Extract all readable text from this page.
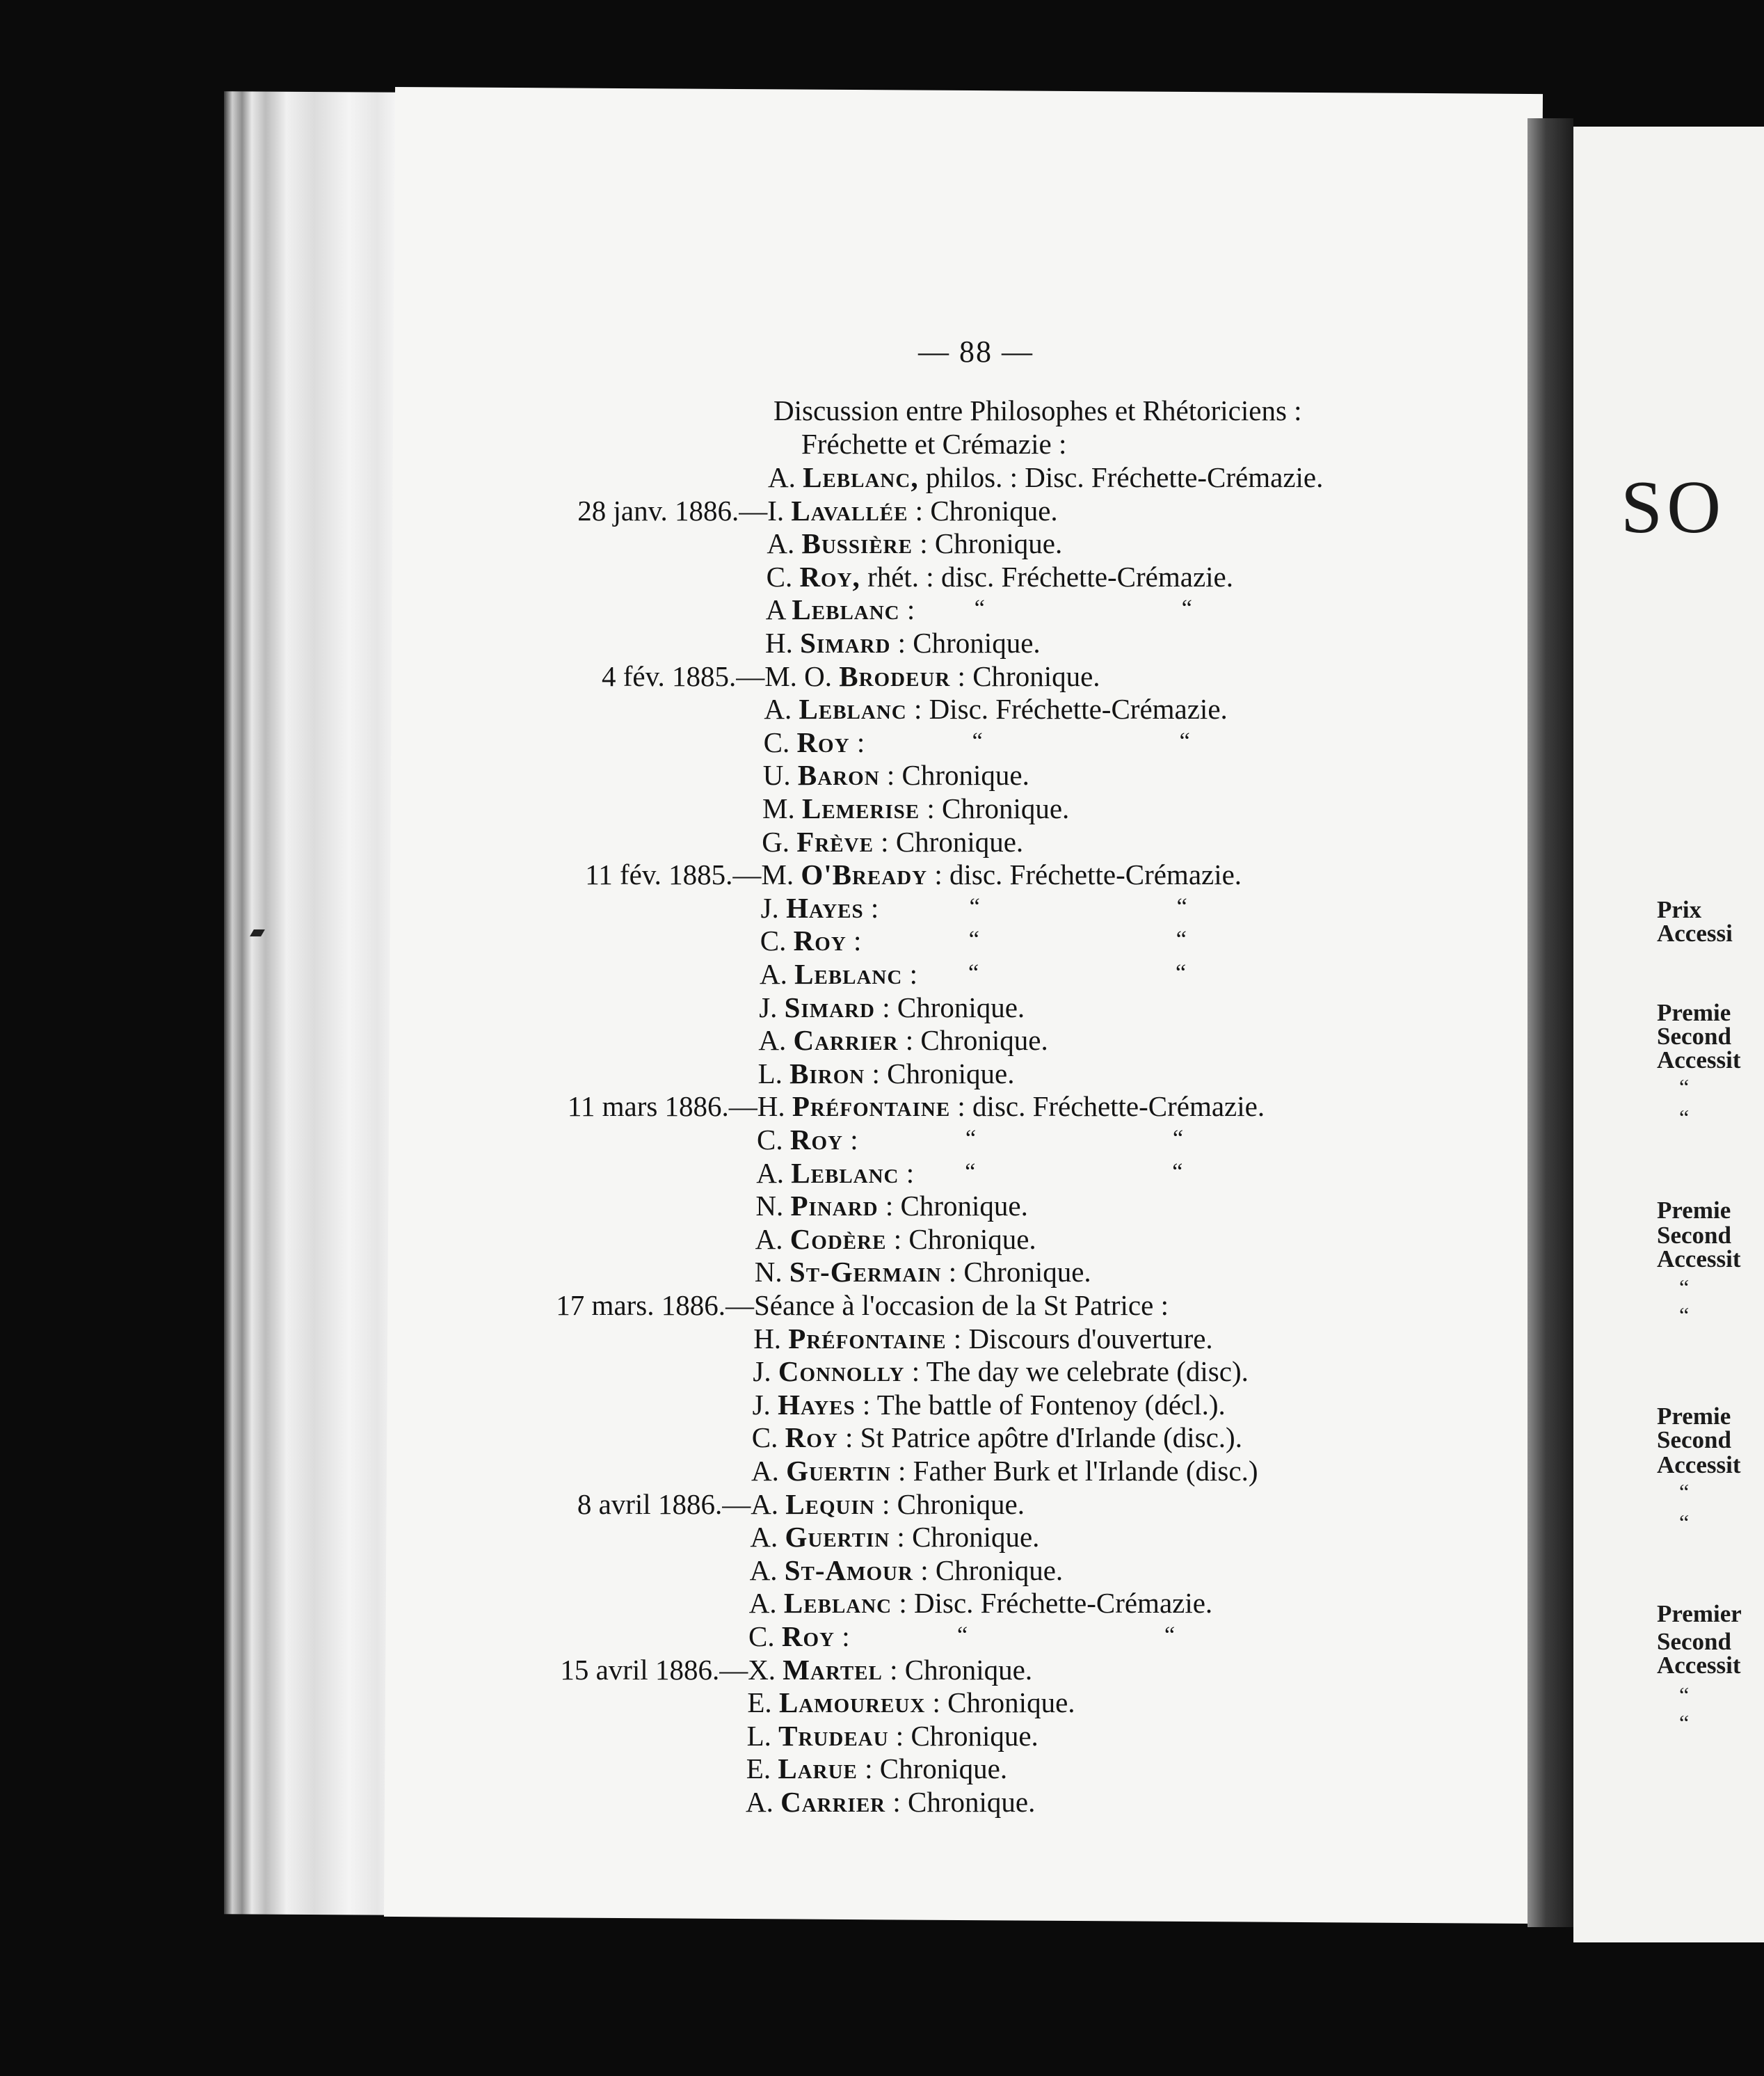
SO
Prix
Accessi
Premie
Second
Accessit
“
“
Premie
Second
Accessit
“
“
Premie
Second
Accessit
“
“
Premier
Second
Accessit
“
“
— 88 —
Discussion entre Philosophes et Rhétoriciens :
Fréchette et Crémazie :
A. Leblanc, philos. : Disc. Fréchette-Crémazie.
28 janv. 1886.— I. Lavallée : Chronique.
A. Bussière : Chronique.
C. Roy, rhét. : disc. Fréchette-Crémazie.
A Leblanc :	“	“
H. Simard : Chronique.
4 fév. 1885.— M. O. Brodeur : Chronique.
A. Leblanc : Disc. Fréchette-Crémazie.
C. Roy :	“	“
U. Baron : Chronique.
M. Lemerise : Chronique.
G. Frève : Chronique.
11 fév. 1885.— M. O'Bready : disc. Fréchette-Crémazie.
J. Hayes :	“	“
C. Roy :	“	“
A. Leblanc : “	“
J. Simard : Chronique.
A. Carrier : Chronique.
L. Biron : Chronique.
11 mars 1886.— H. Préfontaine : disc. Fréchette-Crémazie.
C. Roy :	“	“
A. Leblanc : “	“
N. Pinard : Chronique.
A. Codère : Chronique.
N. St-Germain : Chronique.
17 mars. 1886.— Séance à l'occasion de la St Patrice :
H. Préfontaine : Discours d'ouverture.
J. Connolly : The day we celebrate (disc).
J. Hayes : The battle of Fontenoy (décl.).
C. Roy : St Patrice apôtre d'Irlande (disc.).
A. Guertin : Father Burk et l'Irlande (disc.)
8 avril 1886.— A. Lequin : Chronique.
A. Guertin : Chronique.
A. St-Amour : Chronique.
A. Leblanc : Disc. Fréchette-Crémazie.
C. Roy :	“	“
15 avril 1886.— X. Martel : Chronique.
E. Lamoureux : Chronique.
L. Trudeau : Chronique.
E. Larue : Chronique.
A. Carrier : Chronique.
